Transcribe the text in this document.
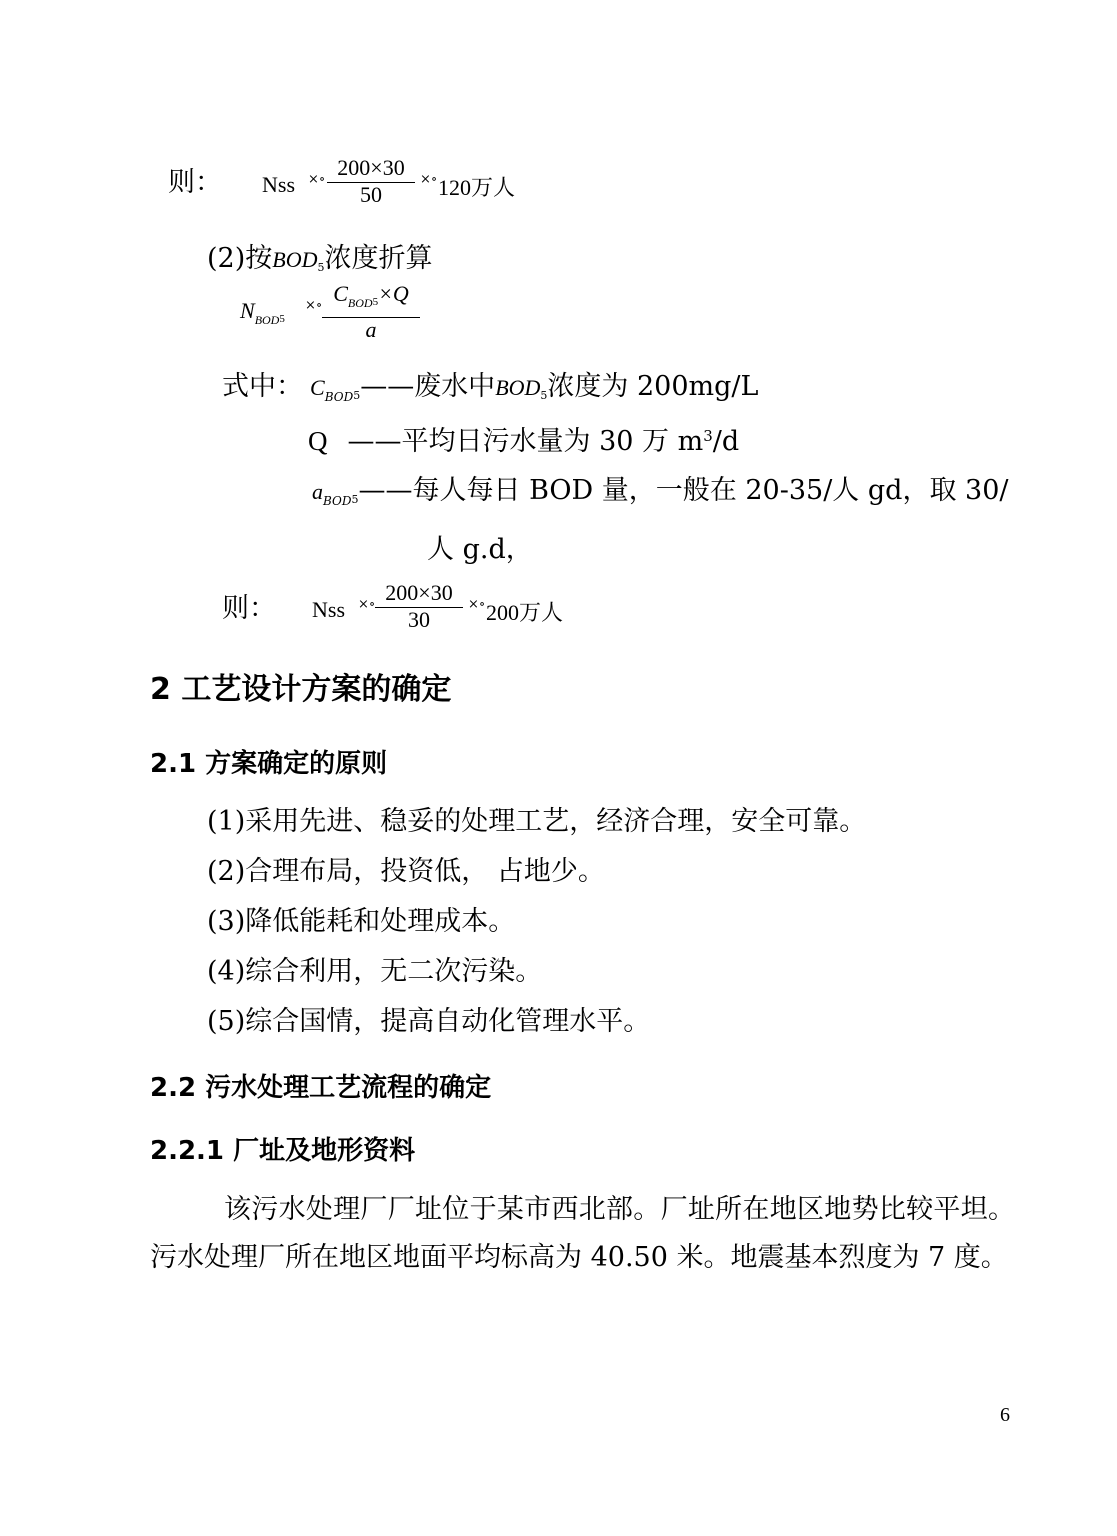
则： Nss ×∘ 200×30
50
×∘ 120万人
(2)按BOD5浓度折算
$N_{BOD}5$
×∘ $C_{BOD}5\times Q$
a
式中： $C_{BOD}5——$废水中BOD5浓度为 200mg/L
Q ——平均日污水量为 30 万 $m^3/d$
$a_{BOD}5——$每人每日 BOD 量，一般在 20-35/人 gd，取 30/
人 g.d，
则： Nss ×∘ 200×30
30
×∘ 200万人
2 工艺设计方案的确定
2.1 方案确定的原则
(1)采用先进、稳妥的处理工艺，经济合理，安全可靠。
(2)合理布局，投资低， 占地少。
(3)降低能耗和处理成本。
(4)综合利用，无二次污染。
(5)综合国情，提高自动化管理水平。
2.2 污水处理工艺流程的确定
2.2.1 厂址及地形资料
该污水处理厂厂址位于某市西北部。厂址所在地区地势比较平坦。污水处理厂所在地区地面平均标高为 40.50 米。地震基本烈度为 7 度。
6
